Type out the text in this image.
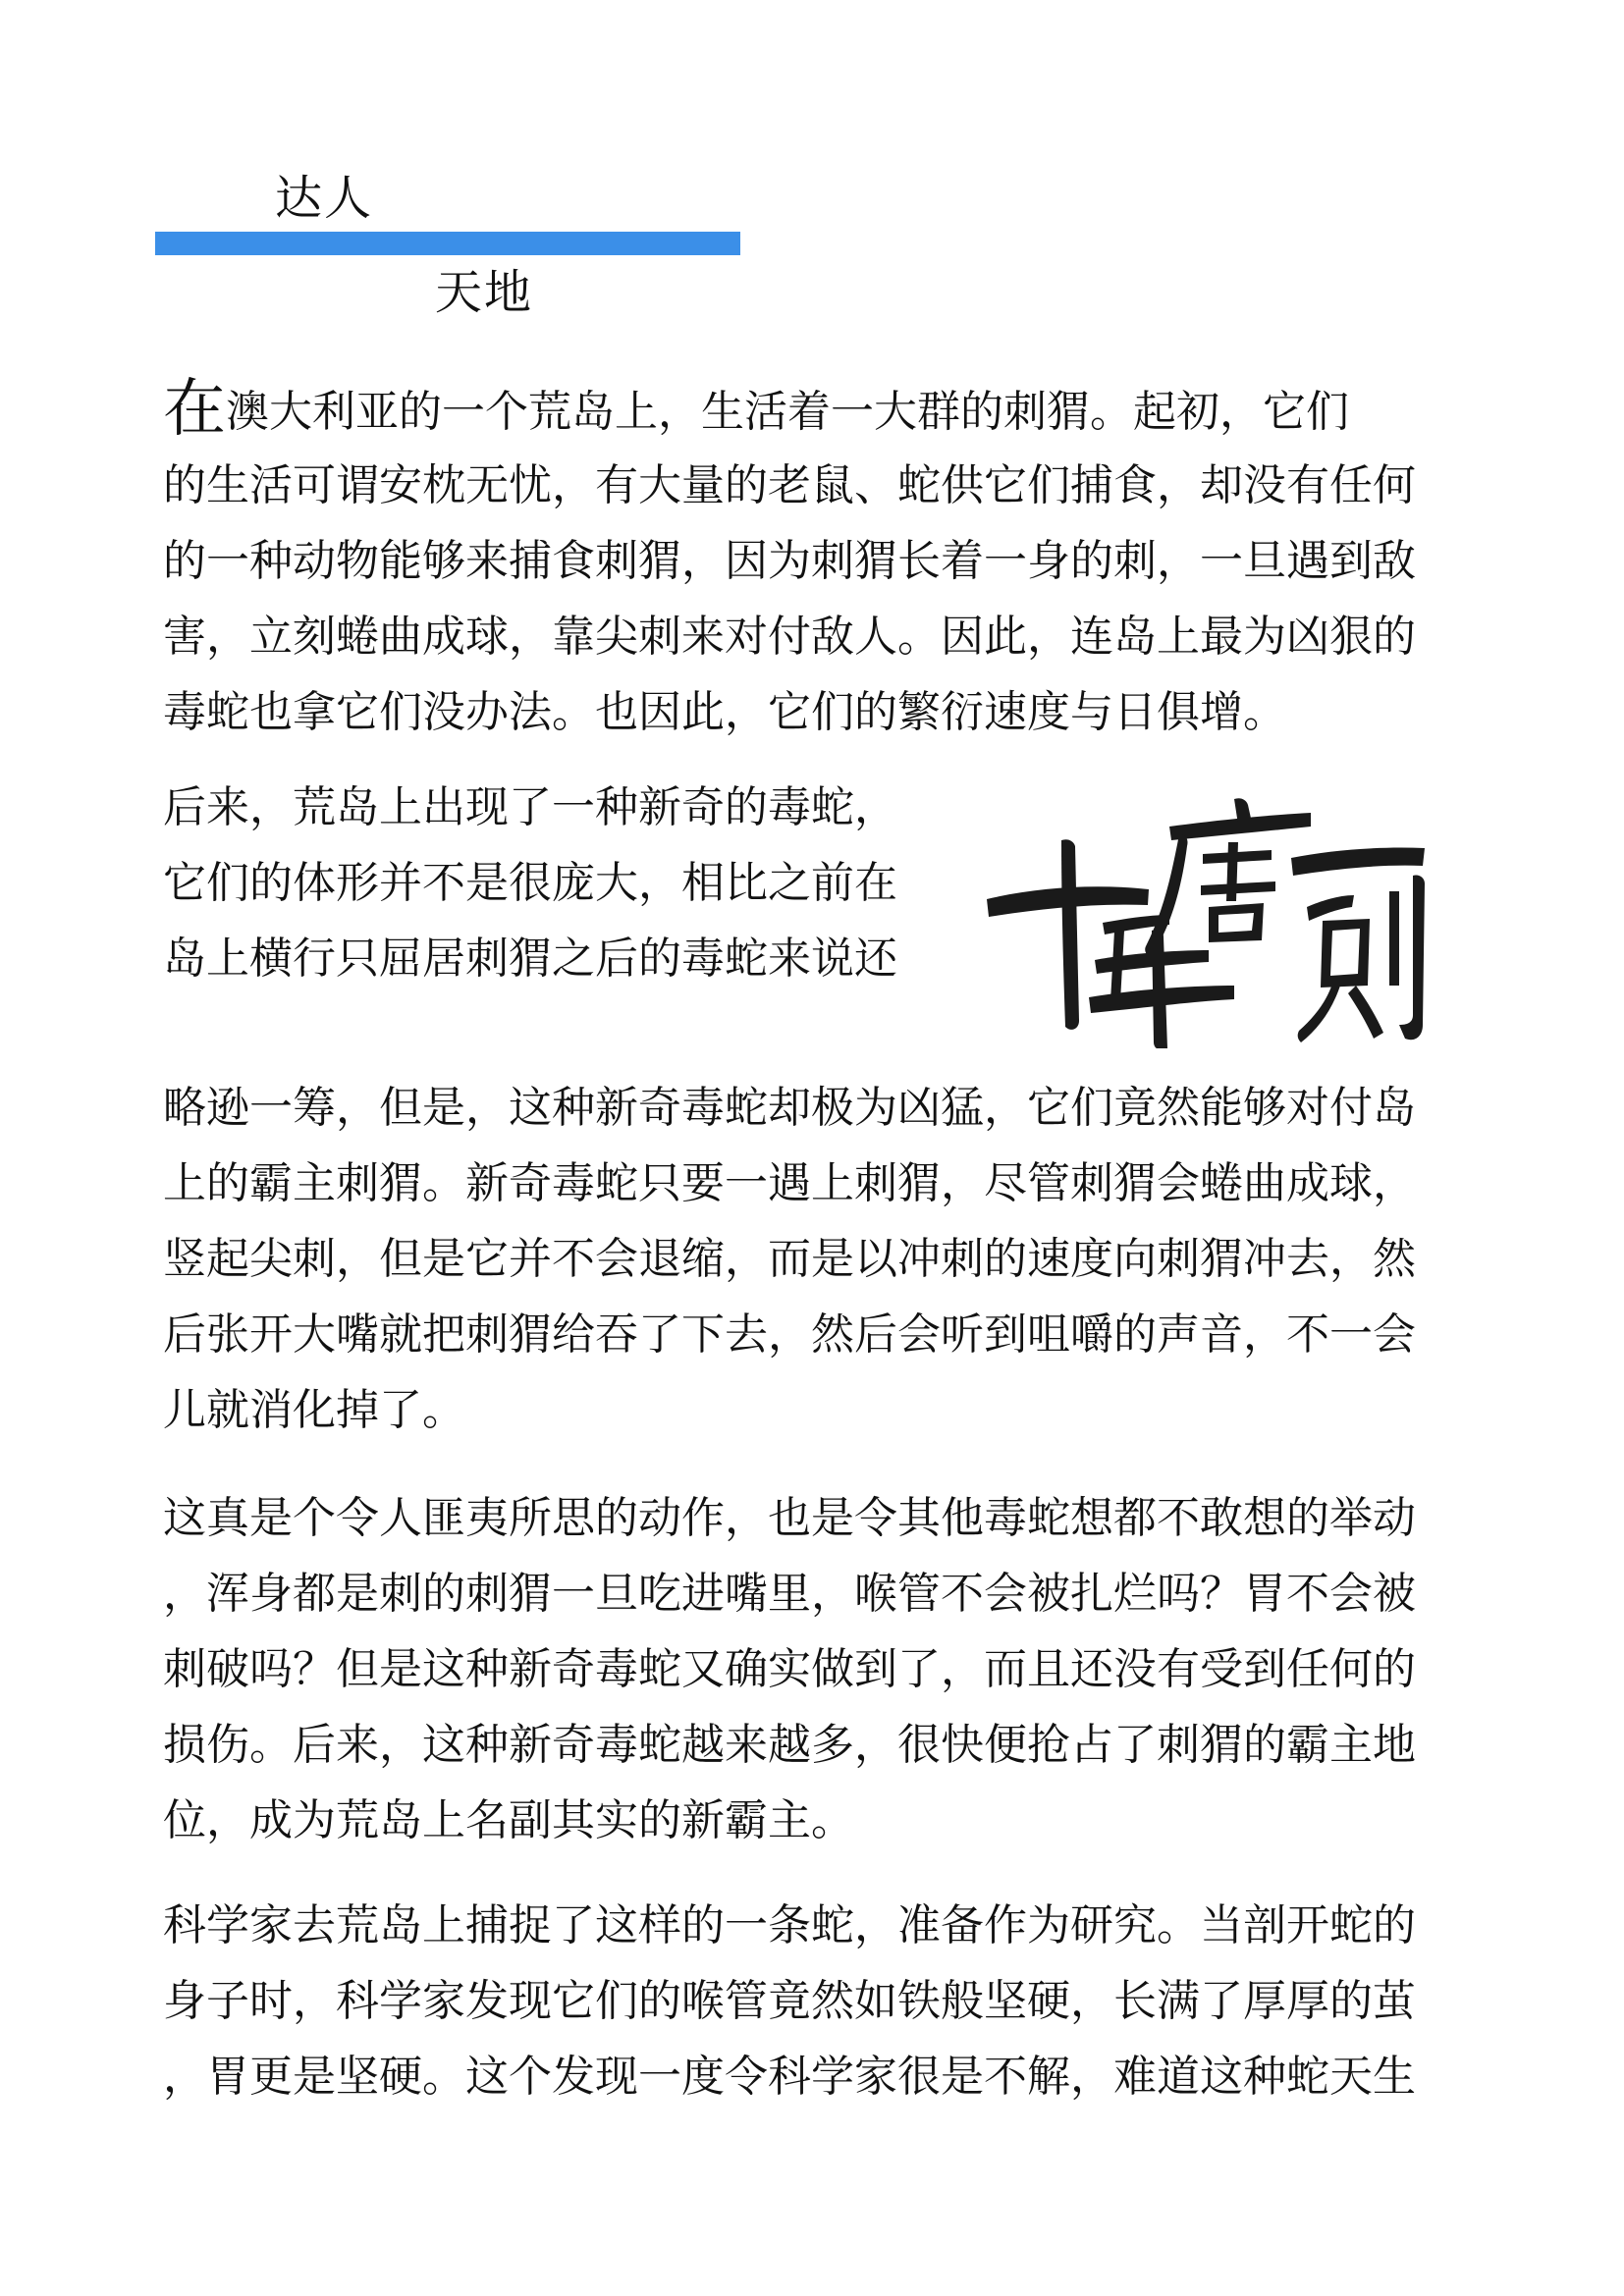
达人
天地
在澳大利亚的一个荒岛上，生活着一大群的刺猬。起初，它们
的生活可谓安枕无忧，有大量的老鼠、蛇供它们捕食，却没有任何
的一种动物能够来捕食刺猬，因为刺猬长着一身的刺，一旦遇到敌
害，立刻蜷曲成球，靠尖刺来对付敌人。因此，连岛上最为凶狠的
毒蛇也拿它们没办法。也因此，它们的繁衍速度与日俱增。
后来，荒岛上出现了一种新奇的毒蛇，
它们的体形并不是很庞大，相比之前在
岛上横行只屈居刺猬之后的毒蛇来说还
略逊一筹，但是，这种新奇毒蛇却极为凶猛，它们竟然能够对付岛
上的霸主刺猬。新奇毒蛇只要一遇上刺猬，尽管刺猬会蜷曲成球，
竖起尖刺，但是它并不会退缩，而是以冲刺的速度向刺猬冲去，然
后张开大嘴就把刺猬给吞了下去，然后会听到咀嚼的声音，不一会
儿就消化掉了。
这真是个令人匪夷所思的动作，也是令其他毒蛇想都不敢想的举动
，浑身都是刺的刺猬一旦吃进嘴里，喉管不会被扎烂吗？胃不会被
刺破吗？但是这种新奇毒蛇又确实做到了，而且还没有受到任何的
损伤。后来，这种新奇毒蛇越来越多，很快便抢占了刺猬的霸主地
位，成为荒岛上名副其实的新霸主。
科学家去荒岛上捕捉了这样的一条蛇，准备作为研究。当剖开蛇的
身子时，科学家发现它们的喉管竟然如铁般坚硬，长满了厚厚的茧
，胃更是坚硬。这个发现一度令科学家很是不解，难道这种蛇天生
